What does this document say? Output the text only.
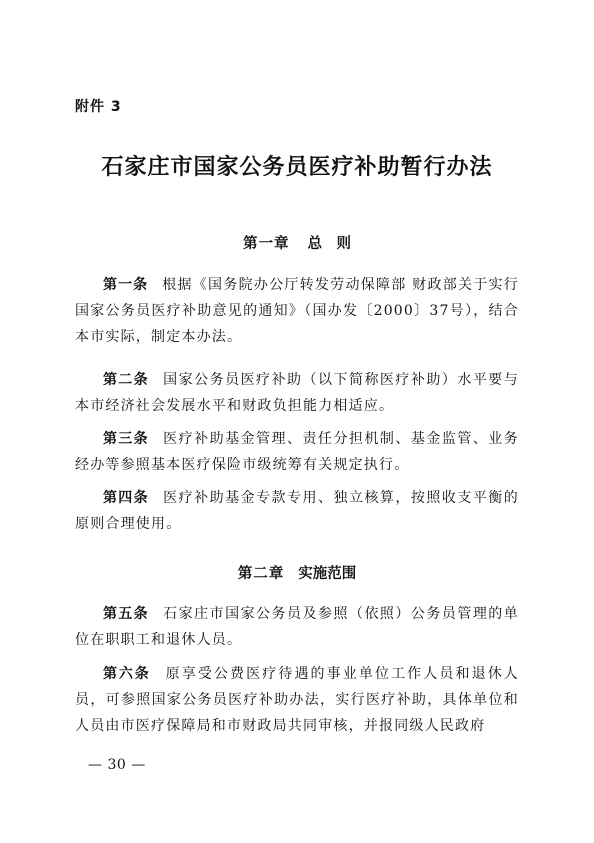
附件 3
石家庄市国家公务员医疗补助暂行办法
第一章 总　则
第一条 根据《国务院办公厅转发劳动保障部 财政部关于实行国家公务员医疗补助意见的通知》（国办发〔2000〕37号），结合本市实际，制定本办法。
第二条 国家公务员医疗补助（以下简称医疗补助）水平要与本市经济社会发展水平和财政负担能力相适应。
第三条 医疗补助基金管理、责任分担机制、基金监管、业务经办等参照基本医疗保险市级统筹有关规定执行。
第四条 医疗补助基金专款专用、独立核算，按照收支平衡的原则合理使用。
第二章 实施范围
第五条 石家庄市国家公务员及参照（依照）公务员管理的单位在职职工和退休人员。
第六条 原享受公费医疗待遇的事业单位工作人员和退休人员，可参照国家公务员医疗补助办法，实行医疗补助，具体单位和人员由市医疗保障局和市财政局共同审核，并报同级人民政府
— 30 —
